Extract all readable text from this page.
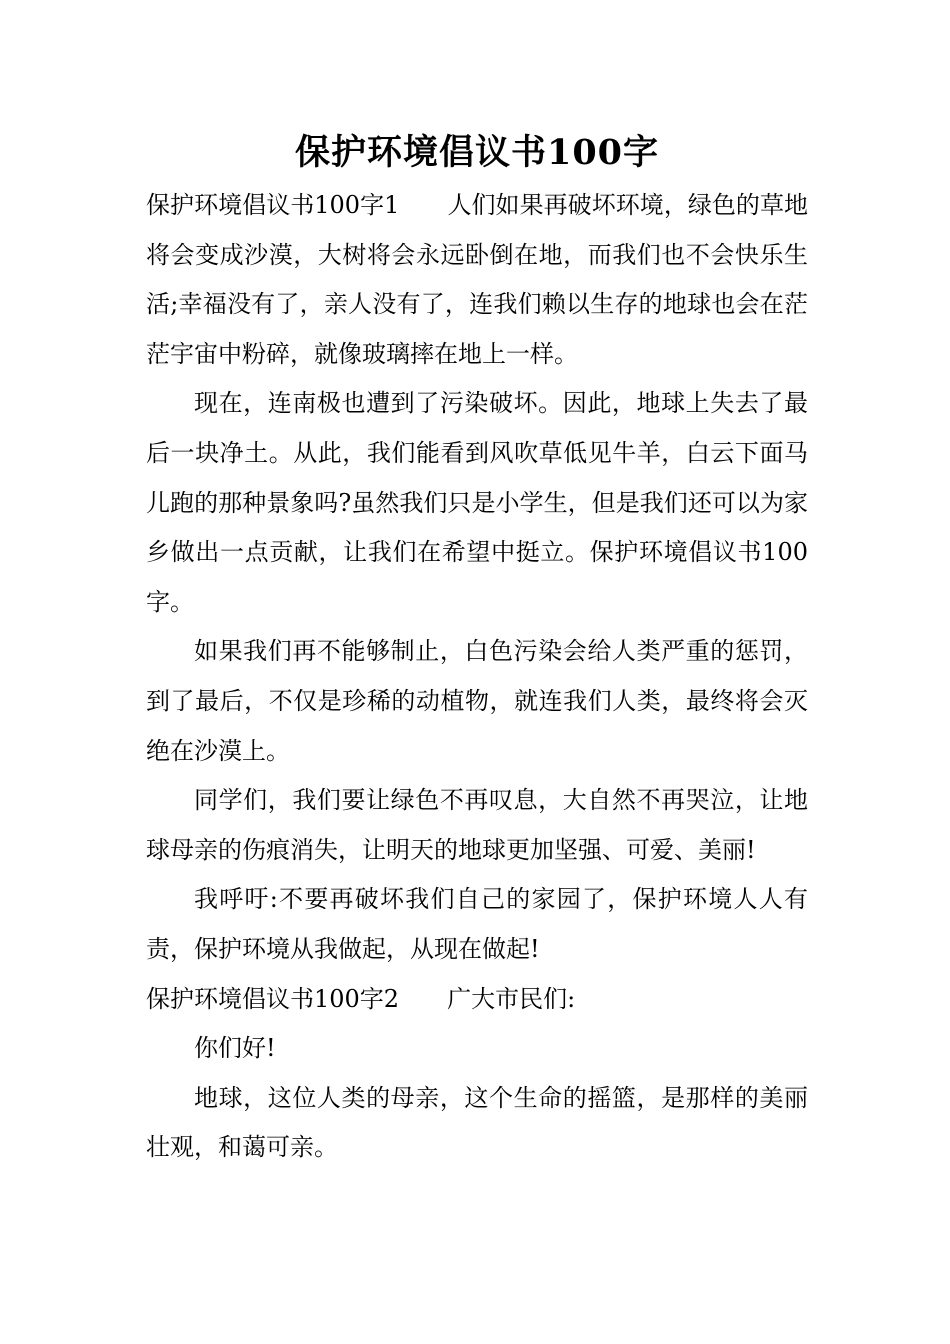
保护环境倡议书100字

保护环境倡议书100字1 人们如果再破坏环境，绿色的草地将会变成沙漠，大树将会永远卧倒在地，而我们也不会快乐生活;幸福没有了，亲人没有了，连我们赖以生存的地球也会在茫茫宇宙中粉碎，就像玻璃摔在地上一样。

现在，连南极也遭到了污染破坏。因此，地球上失去了最后一块净土。从此，我们能看到风吹草低见牛羊，白云下面马儿跑的那种景象吗?虽然我们只是小学生，但是我们还可以为家乡做出一点贡献，让我们在希望中挺立。保护环境倡议书100字。

如果我们再不能够制止，白色污染会给人类严重的惩罚，到了最后，不仅是珍稀的动植物，就连我们人类，最终将会灭绝在沙漠上。

同学们，我们要让绿色不再叹息，大自然不再哭泣，让地球母亲的伤痕消失，让明天的地球更加坚强、可爱、美丽!

我呼吁:不要再破坏我们自己的家园了，保护环境人人有责，保护环境从我做起，从现在做起!

保护环境倡议书100字2 广大市民们:

你们好!

地球，这位人类的母亲，这个生命的摇篮，是那样的美丽壮观，和蔼可亲。
